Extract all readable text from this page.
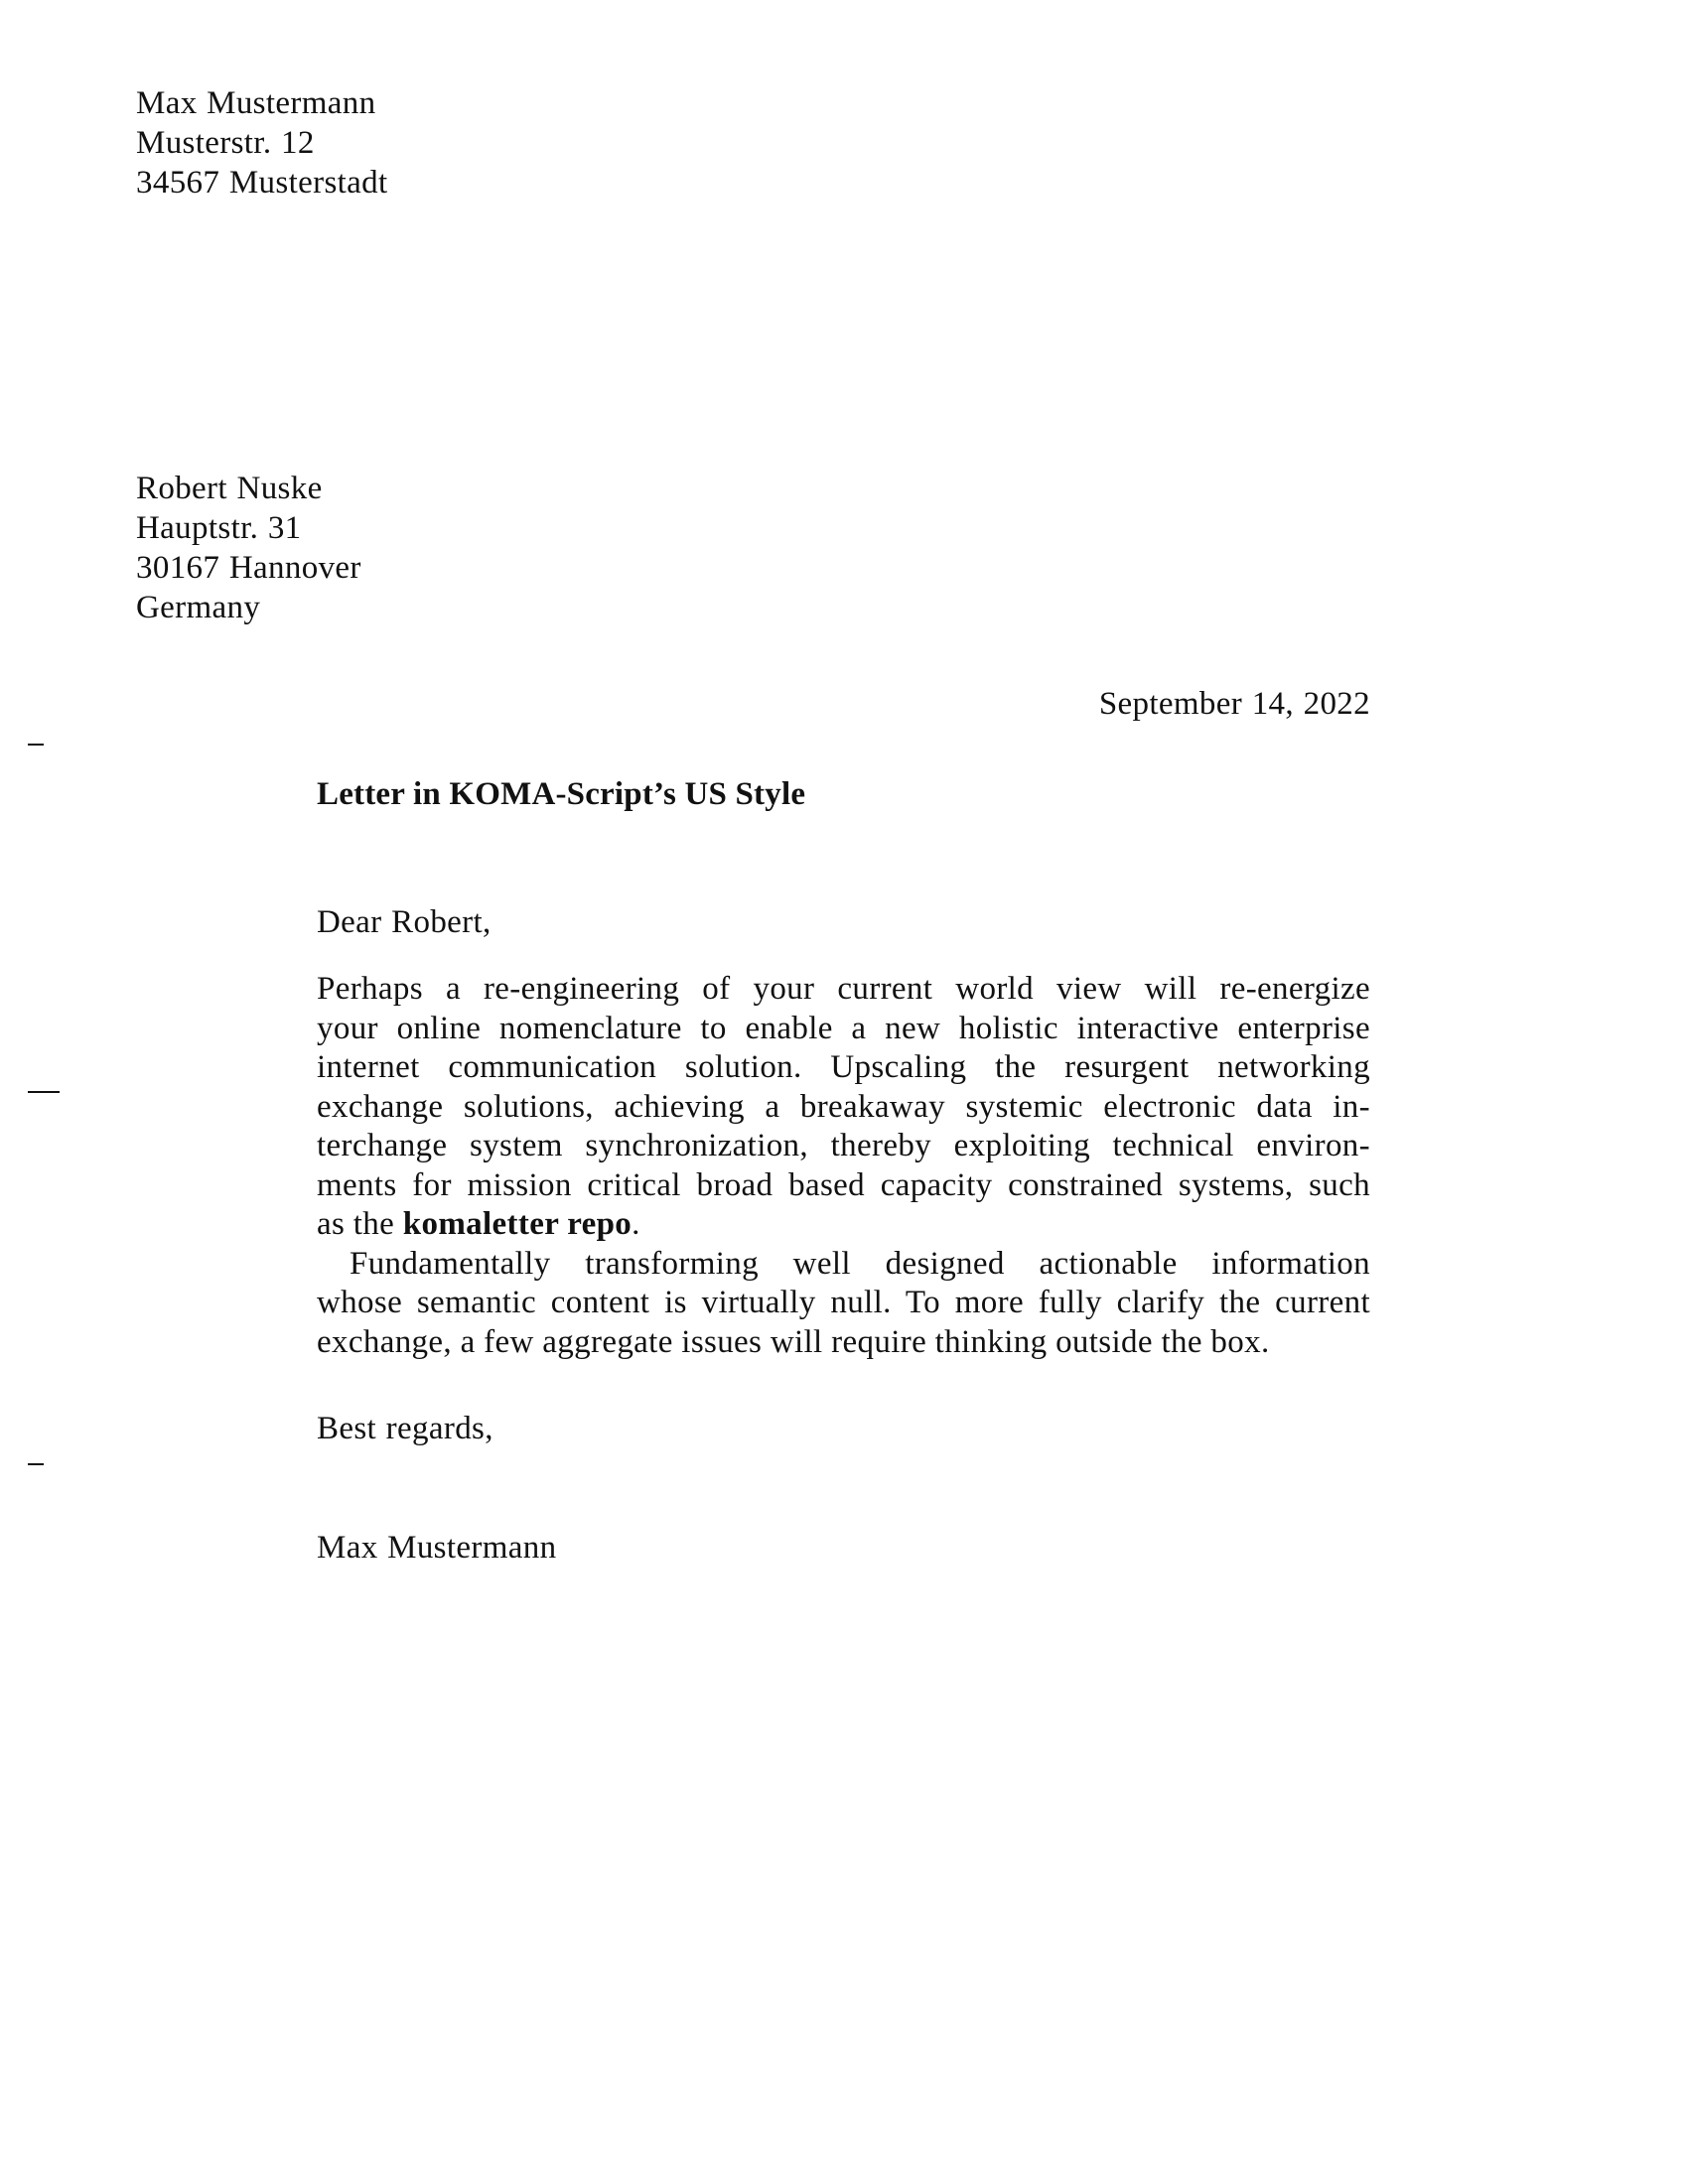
Max Mustermann
Musterstr. 12
34567 Musterstadt
Robert Nuske
Hauptstr. 31
30167 Hannover
Germany
September 14, 2022
Letter in KOMA-Script’s US Style
Dear Robert,
Perhaps a re-engineering of your current world view will re-energize
your online nomenclature to enable a new holistic interactive enterprise
internet communication solution. Upscaling the resurgent networking
exchange solutions, achieving a breakaway systemic electronic data in-
terchange system synchronization, thereby exploiting technical environ-
ments for mission critical broad based capacity constrained systems, such
as the komaletter repo.
Fundamentally transforming well designed actionable information
whose semantic content is virtually null. To more fully clarify the current
exchange, a few aggregate issues will require thinking outside the box.
Best regards,
Max Mustermann
